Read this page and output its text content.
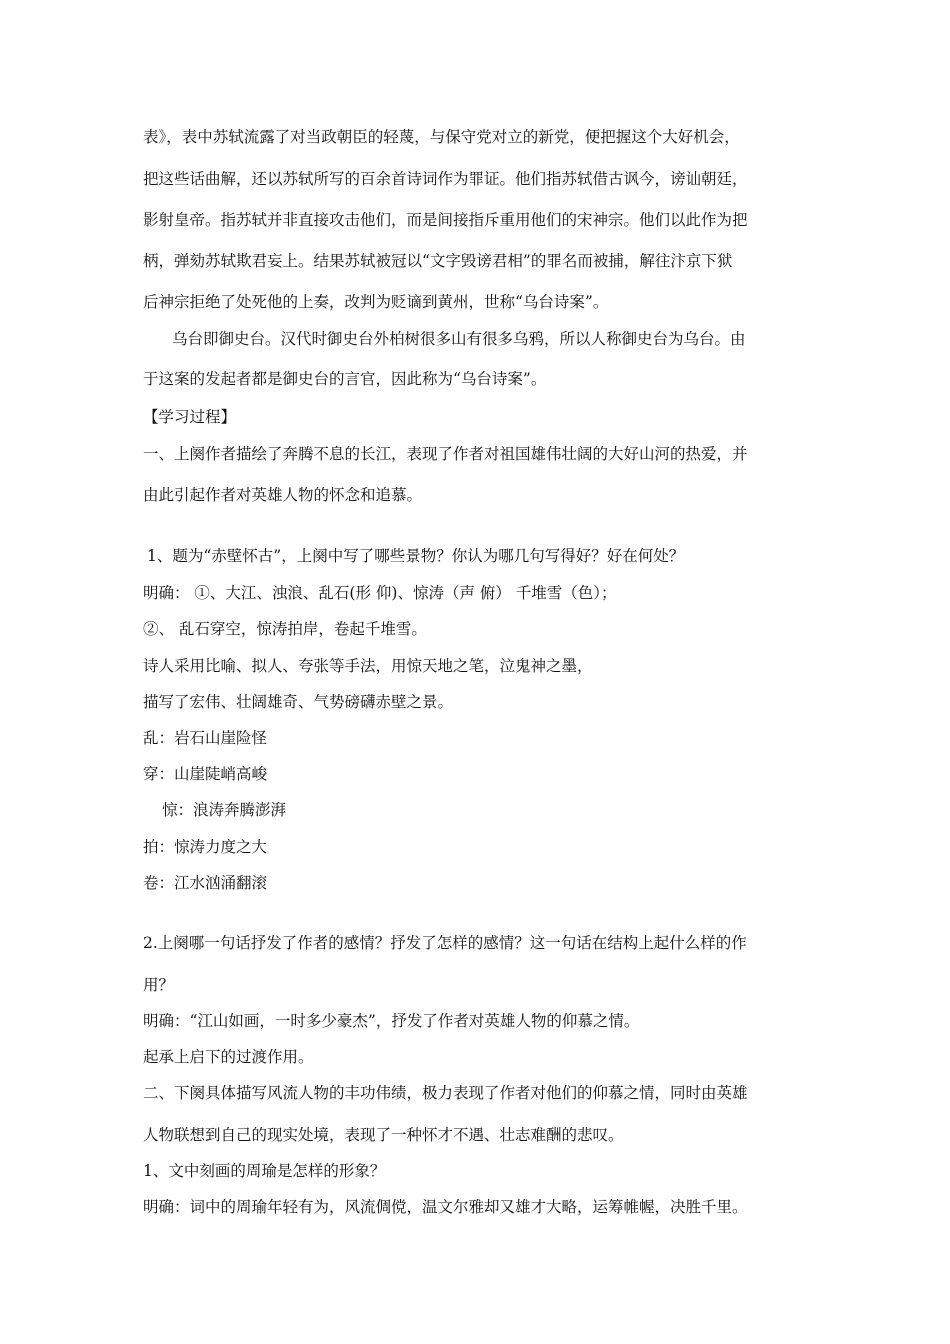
表》，表中苏轼流露了对当政朝臣的轻蔑，与保守党对立的新党，便把握这个大好机会，
把这些话曲解，还以苏轼所写的百余首诗词作为罪证。他们指苏轼借古讽今，谤讪朝廷，
影射皇帝。指苏轼并非直接攻击他们，而是间接指斥重用他们的宋神宗。他们以此作为把
柄，弹劾苏轼欺君妄上。结果苏轼被冠以“文字毁谤君相”的罪名而被捕，解往汴京下狱
后神宗拒绝了处死他的上奏，改判为贬谪到黄州，世称“乌台诗案”。
乌台即御史台。汉代时御史台外柏树很多山有很多乌鸦，所以人称御史台为乌台。由
于这案的发起者都是御史台的言官，因此称为“乌台诗案”。
【学习过程】
一、上阕作者描绘了奔腾不息的长江，表现了作者对祖国雄伟壮阔的大好山河的热爱，并
由此引起作者对英雄人物的怀念和追慕。
1、题为“赤壁怀古”，上阕中写了哪些景物？你认为哪几句写得好？好在何处？
明确： ①、大江、浊浪、乱石(形 仰)、惊涛（声 俯） 千堆雪（色）；
②、 乱石穿空，惊涛拍岸，卷起千堆雪。
诗人采用比喻、拟人、夸张等手法，用惊天地之笔，泣鬼神之墨，
描写了宏伟、壮阔雄奇、气势磅礴赤壁之景。
乱：岩石山崖险怪
穿：山崖陡峭高峻
惊：浪涛奔腾澎湃
拍：惊涛力度之大
卷：江水汹涌翻滚
2.上阕哪一句话抒发了作者的感情？抒发了怎样的感情？这一句话在结构上起什么样的作
用？
明确：“江山如画，一时多少豪杰”，抒发了作者对英雄人物的仰慕之情。
起承上启下的过渡作用。
二、下阕具体描写风流人物的丰功伟绩，极力表现了作者对他们的仰慕之情，同时由英雄
人物联想到自己的现实处境，表现了一种怀才不遇、壮志难酬的悲叹。
1、文中刻画的周瑜是怎样的形象？
明确：词中的周瑜年轻有为，风流倜傥，温文尔雅却又雄才大略，运筹帷幄，决胜千里。
